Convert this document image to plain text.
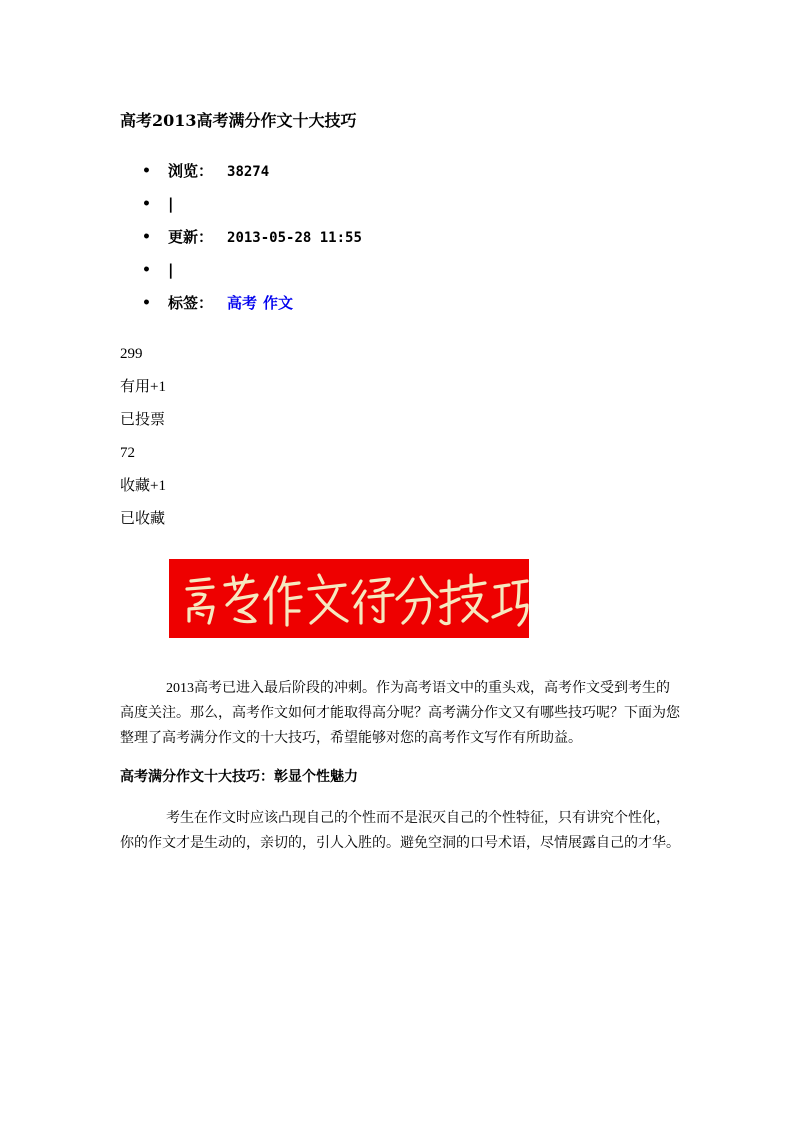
高考2013高考满分作文十大技巧
• 浏览： 38274
• |
• 更新： 2013-05-28 11:55
• |
• 标签： 高考 作文
299
有用+1
已投票
72
收藏+1
已收藏

2013高考已进入最后阶段的冲刺。作为高考语文中的重头戏，高考作文受到考生的高度关注。那么，高考作文如何才能取得高分呢？高考满分作文又有哪些技巧呢？下面为您整理了高考满分作文的十大技巧，希望能够对您的高考作文写作有所助益。

高考满分作文十大技巧：彰显个性魅力

考生在作文时应该凸现自己的个性而不是泯灭自己的个性特征，只有讲究个性化，你的作文才是生动的，亲切的，引人入胜的。避免空洞的口号术语，尽情展露自己的才华。
